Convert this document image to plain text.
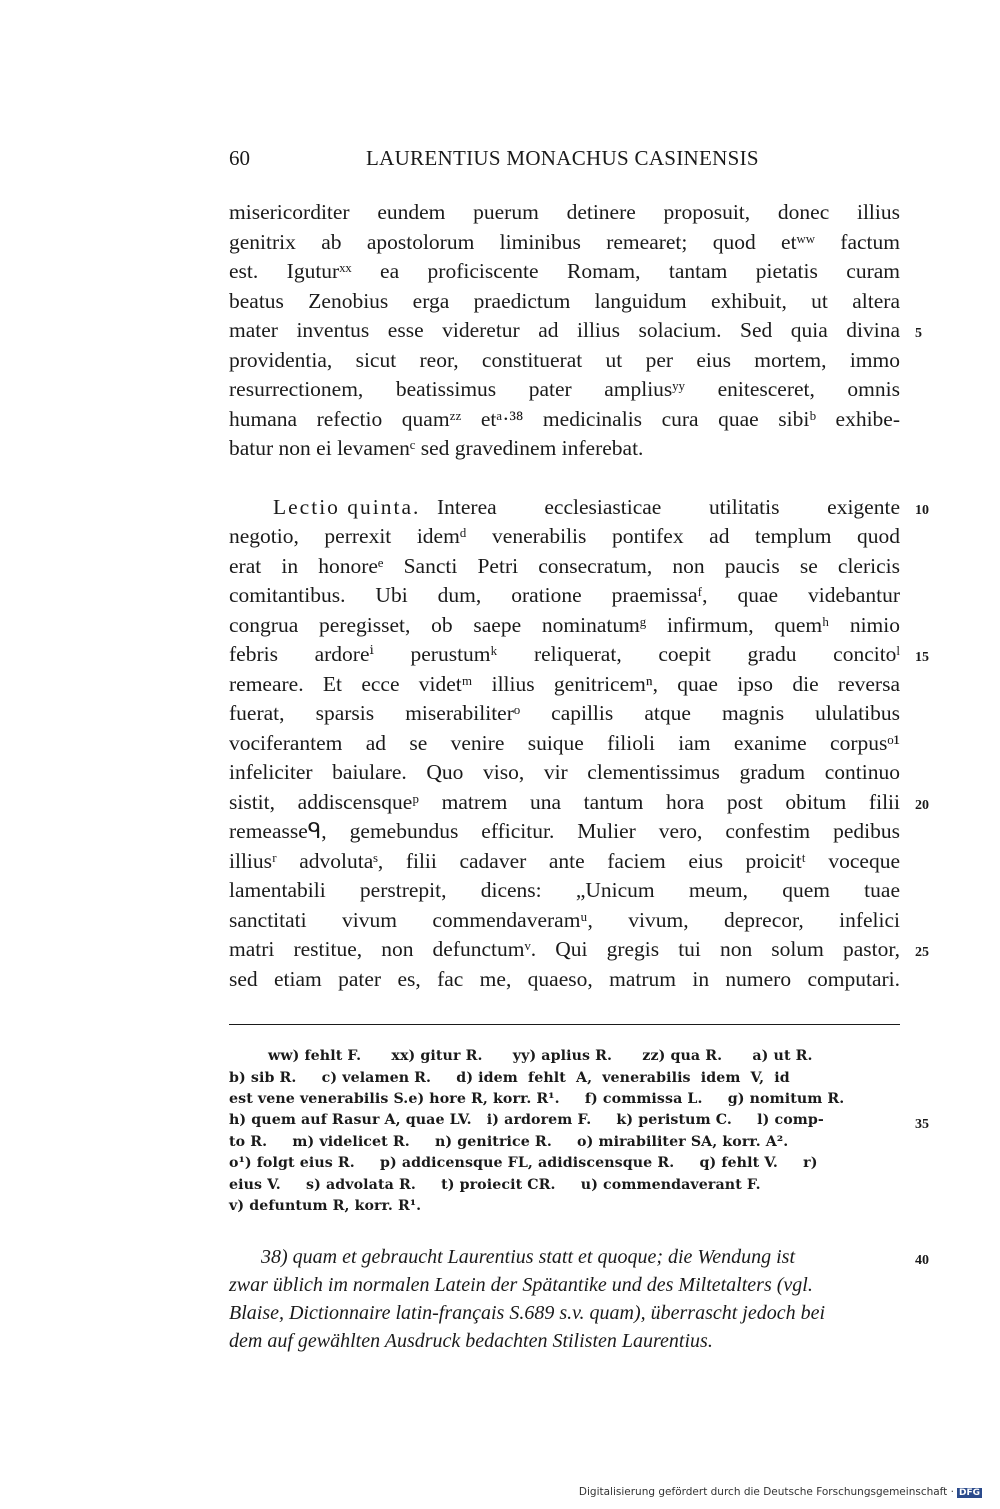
60	LAURENTIUS MONACHUS CASINENSIS
misericorditer eundem puerum detinere proposuit, donec illius
genitrix ab apostolorum liminibus remearet; quod etʷʷ factum
est. Iguturˣˣ ea proficiscente Romam, tantam pietatis curam
beatus Zenobius erga praedictum languidum exhibuit, ut altera
mater inventus esse videretur ad illius solacium. Sed quia divina
providentia, sicut reor, constituerat ut per eius mortem, immo
resurrectionem, beatissimus pater ampliusʸʸ enitesceret, omnis
humana refectio quamᶻᶻ etᵃ·³⁸ medicinalis cura quae sibiᵇ exhibe-
batur non ei levamenᶜ sed gravedinem inferebat.
Lectio quinta. Interea ecclesiasticae utilitatis exigente
negotio, perrexit idemᵈ venerabilis pontifex ad templum quod
erat in honoreᵉ Sancti Petri consecratum, non paucis se clericis
comitantibus. Ubi dum, oratione praemissaᶠ, quae videbantur
congrua peregisset, ob saepe nominatumᵍ infirmum, quemʰ nimio
febris ardoreⁱ perustumᵏ reliquerat, coepit gradu concitoˡ
remeare. Et ecce videtᵐ illius genitricemⁿ, quae ipso die reversa
fuerat, sparsis miserabiliterᵒ capillis atque magnis ululatibus
vociferantem ad se venire suique filioli iam exanime corpusᵒ¹
infeliciter baiulare. Quo viso, vir clementissimus gradum continuo
sistit, addiscensqueᵖ matrem una tantum hora post obitum filii
remeasseᑫ, gemebundus efficitur. Mulier vero, confestim pedibus
illiusʳ advolutaˢ, filii cadaver ante faciem eius proicitᵗ voceque
lamentabili perstrepit, dicens: „Unicum meum, quem tuae
sanctitati vivum commendaveramᵘ, vivum, deprecor, infelici
matri restitue, non defunctumᵛ. Qui gregis tui non solum pastor,
sed etiam pater es, fac me, quaeso, matrum in numero computari.
5
10
15
20
25
35
40
ww) fehlt F.      xx) gitur R.      yy) aplius R.      zz) qua R.      a) ut R.
b) sib R.     c) velamen R.     d) idem  fehlt  A,  venerabilis  idem  V,  id
est vene venerabilis S.e) hore R, korr. R¹.     f) commissa L.     g) nomitum R.
h) quem auf Rasur A, quae LV.   i) ardorem F.     k) peristum C.     l) comp-
to R.     m) videlicet R.     n) genitrice R.     o) mirabiliter SA, korr. A².
o¹) folgt eius R.     p) addicensque FL, adidiscensque R.     q) fehlt V.     r)
eius V.     s) advolata R.     t) proiecit CR.     u) commendaverant F.
v) defuntum R, korr. R¹.
38) quam et gebraucht Laurentius statt et quoque; die Wendung ist
zwar üblich im normalen Latein der Spätantike und des Miltetalters (vgl.
Blaise, Dictionnaire latin-français S.689 s.v. quam), überrascht jedoch bei
dem auf gewählten Ausdruck bedachten Stilisten Laurentius.
Digitalisierung gefördert durch die Deutsche Forschungsgemeinschaft · DFG
